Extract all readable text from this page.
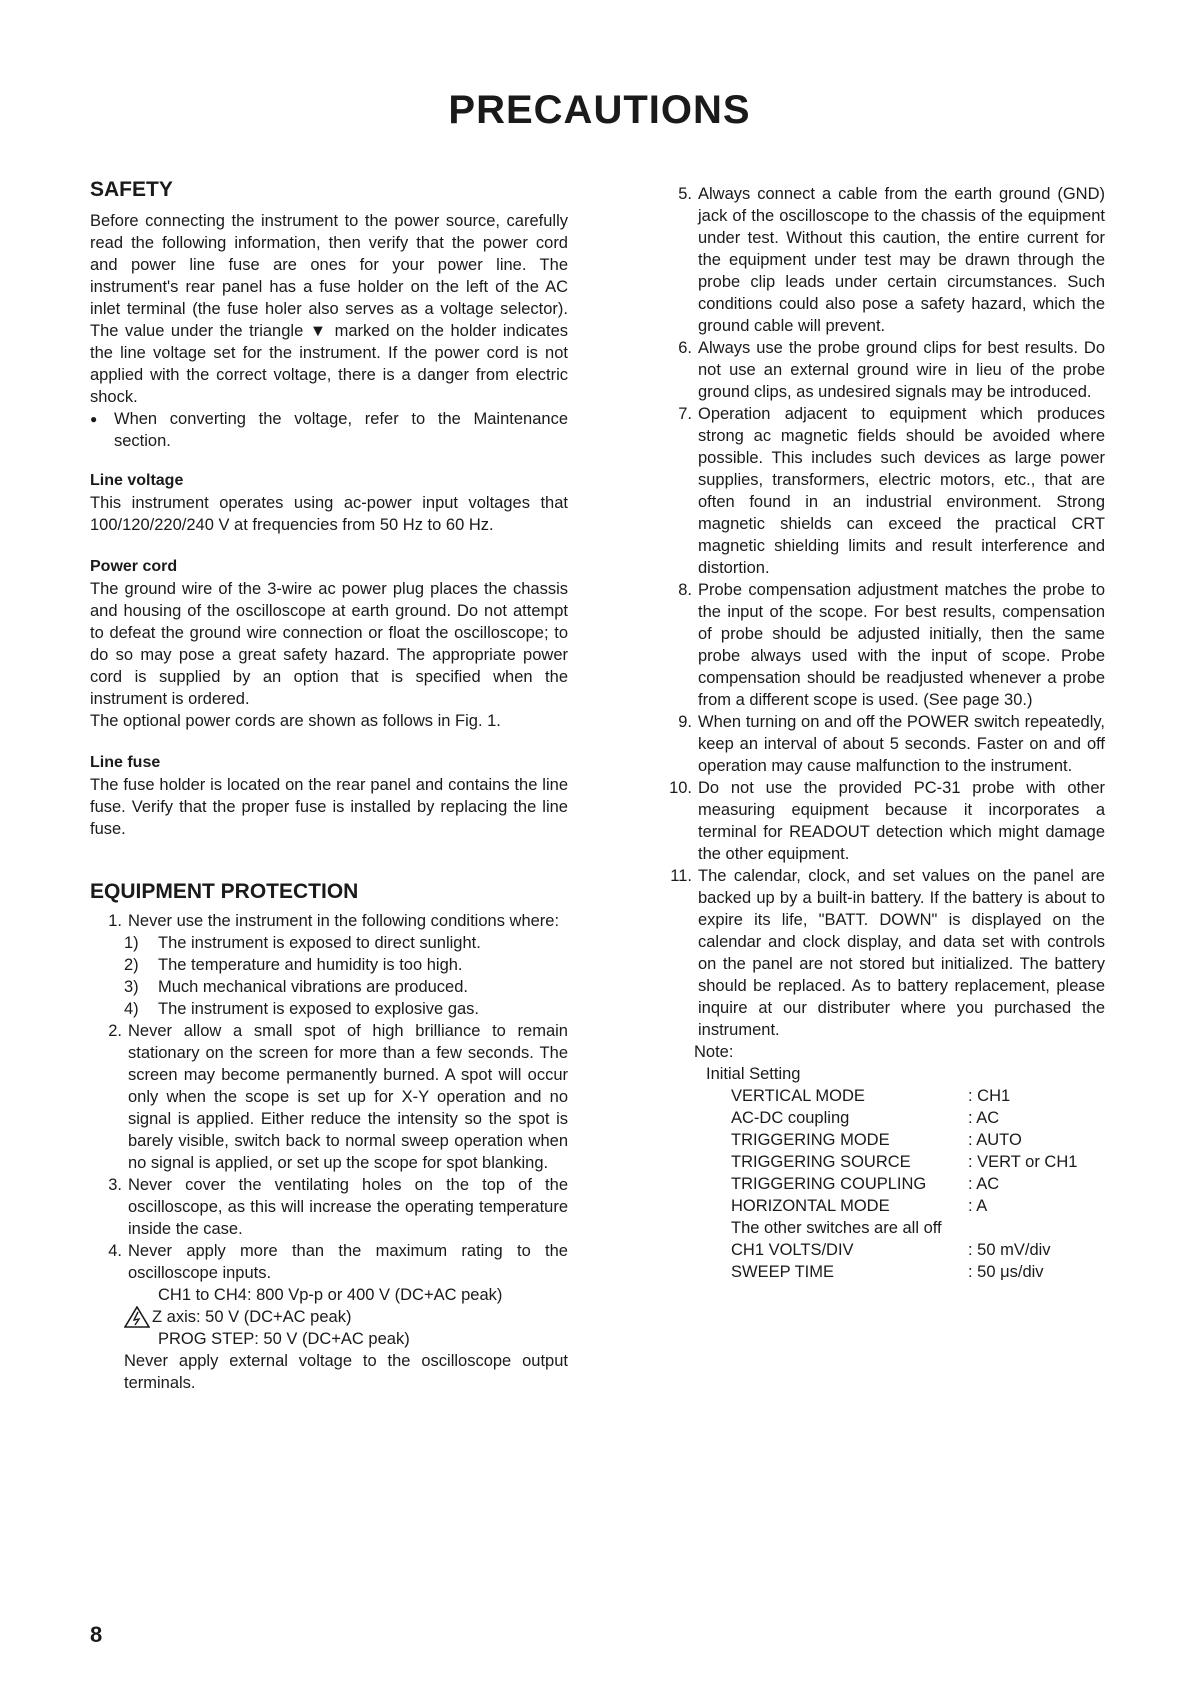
PRECAUTIONS
SAFETY

Before connecting the instrument to the power source, carefully read the following information, then verify that the power cord and power line fuse are ones for your power line. The instrument's rear panel has a fuse holder on the left of the AC inlet terminal (the fuse holer also serves as a voltage selector). The value under the triangle ▼ marked on the holder indicates the line voltage set for the instrument. If the power cord is not applied with the correct voltage, there is a danger from electric shock.

●	When converting the voltage, refer to the Maintenance section.

Line voltage

This instrument operates using ac-power input voltages that 100/120/220/240 V at frequencies from 50 Hz to 60 Hz.

Power cord

The ground wire of the 3-wire ac power plug places the chassis and housing of the oscilloscope at earth ground. Do not attempt to defeat the ground wire connection or float the oscilloscope; to do so may pose a great safety hazard. The appropriate power cord is supplied by an option that is specified when the instrument is ordered.

The optional power cords are shown as follows in Fig. 1.

Line fuse

The fuse holder is located on the rear panel and contains the line fuse. Verify that the proper fuse is installed by replacing the line fuse.

EQUIPMENT PROTECTION
1. Never use the instrument in the following conditions where:

1)	The instrument is exposed to direct sunlight.

2)	The temperature and humidity is too high.

3)	Much mechanical vibrations are produced.

4)	The instrument is exposed to explosive gas.

2. Never allow a small spot of high brilliance to remain stationary on the screen for more than a few seconds. The screen may become permanently burned. A spot will occur only when the scope is set up for X-Y operation and no signal is applied. Either reduce the intensity so the spot is barely visible, switch back to normal sweep operation when no signal is applied, or set up the scope for spot blanking.

3. Never cover the ventilating holes on the top of the oscilloscope, as this will increase the operating temperature inside the case.

4. Never apply more than the maximum rating to the oscilloscope inputs.

CH1 to CH4: 800 Vp-p or 400 V (DC+AC peak)
Z axis: 50 V (DC+AC peak)
PROG STEP: 50 V (DC+AC peak)

Never apply external voltage to the oscilloscope output terminals.

5. Always connect a cable from the earth ground (GND) jack of the oscilloscope to the chassis of the equipment under test. Without this caution, the entire current for the equipment under test may be drawn through the probe clip leads under certain circumstances. Such conditions could also pose a safety hazard, which the ground cable will prevent.

6. Always use the probe ground clips for best results. Do not use an external ground wire in lieu of the probe ground clips, as undesired signals may be introduced.

7. Operation adjacent to equipment which produces strong ac magnetic fields should be avoided where possible. This includes such devices as large power supplies, transformers, electric motors, etc., that are often found in an industrial environment. Strong magnetic shields can exceed the practical CRT magnetic shielding limits and result interference and distortion.

8. Probe compensation adjustment matches the probe to the input of the scope. For best results, compensation of probe should be adjusted initially, then the same probe always used with the input of scope. Probe compensation should be readjusted whenever a probe from a different scope is used. (See page 30.)

9. When turning on and off the POWER switch repeatedly, keep an interval of about 5 seconds. Faster on and off operation may cause malfunction to the instrument.

10. Do not use the provided PC-31 probe with other measuring equipment because it incorporates a terminal for READOUT detection which might damage the other equipment.

11. The calendar, clock, and set values on the panel are backed up by a built-in battery. If the battery is about to expire its life, "BATT. DOWN" is displayed on the calendar and clock display, and data set with controls on the panel are not stored but initialized. The battery should be replaced. As to battery replacement, please inquire at our distributer where you purchased the instrument.

Note:

Initial Setting

VERTICAL MODE	: CH1
AC-DC coupling	: AC
TRIGGERING MODE	: AUTO
TRIGGERING SOURCE	: VERT or CH1
TRIGGERING COUPLING	: AC
HORIZONTAL MODE	: A

The other switches are all off

CH1 VOLTS/DIV	: 50 mV/div
SWEEP TIME	: 50 μs/div

8
